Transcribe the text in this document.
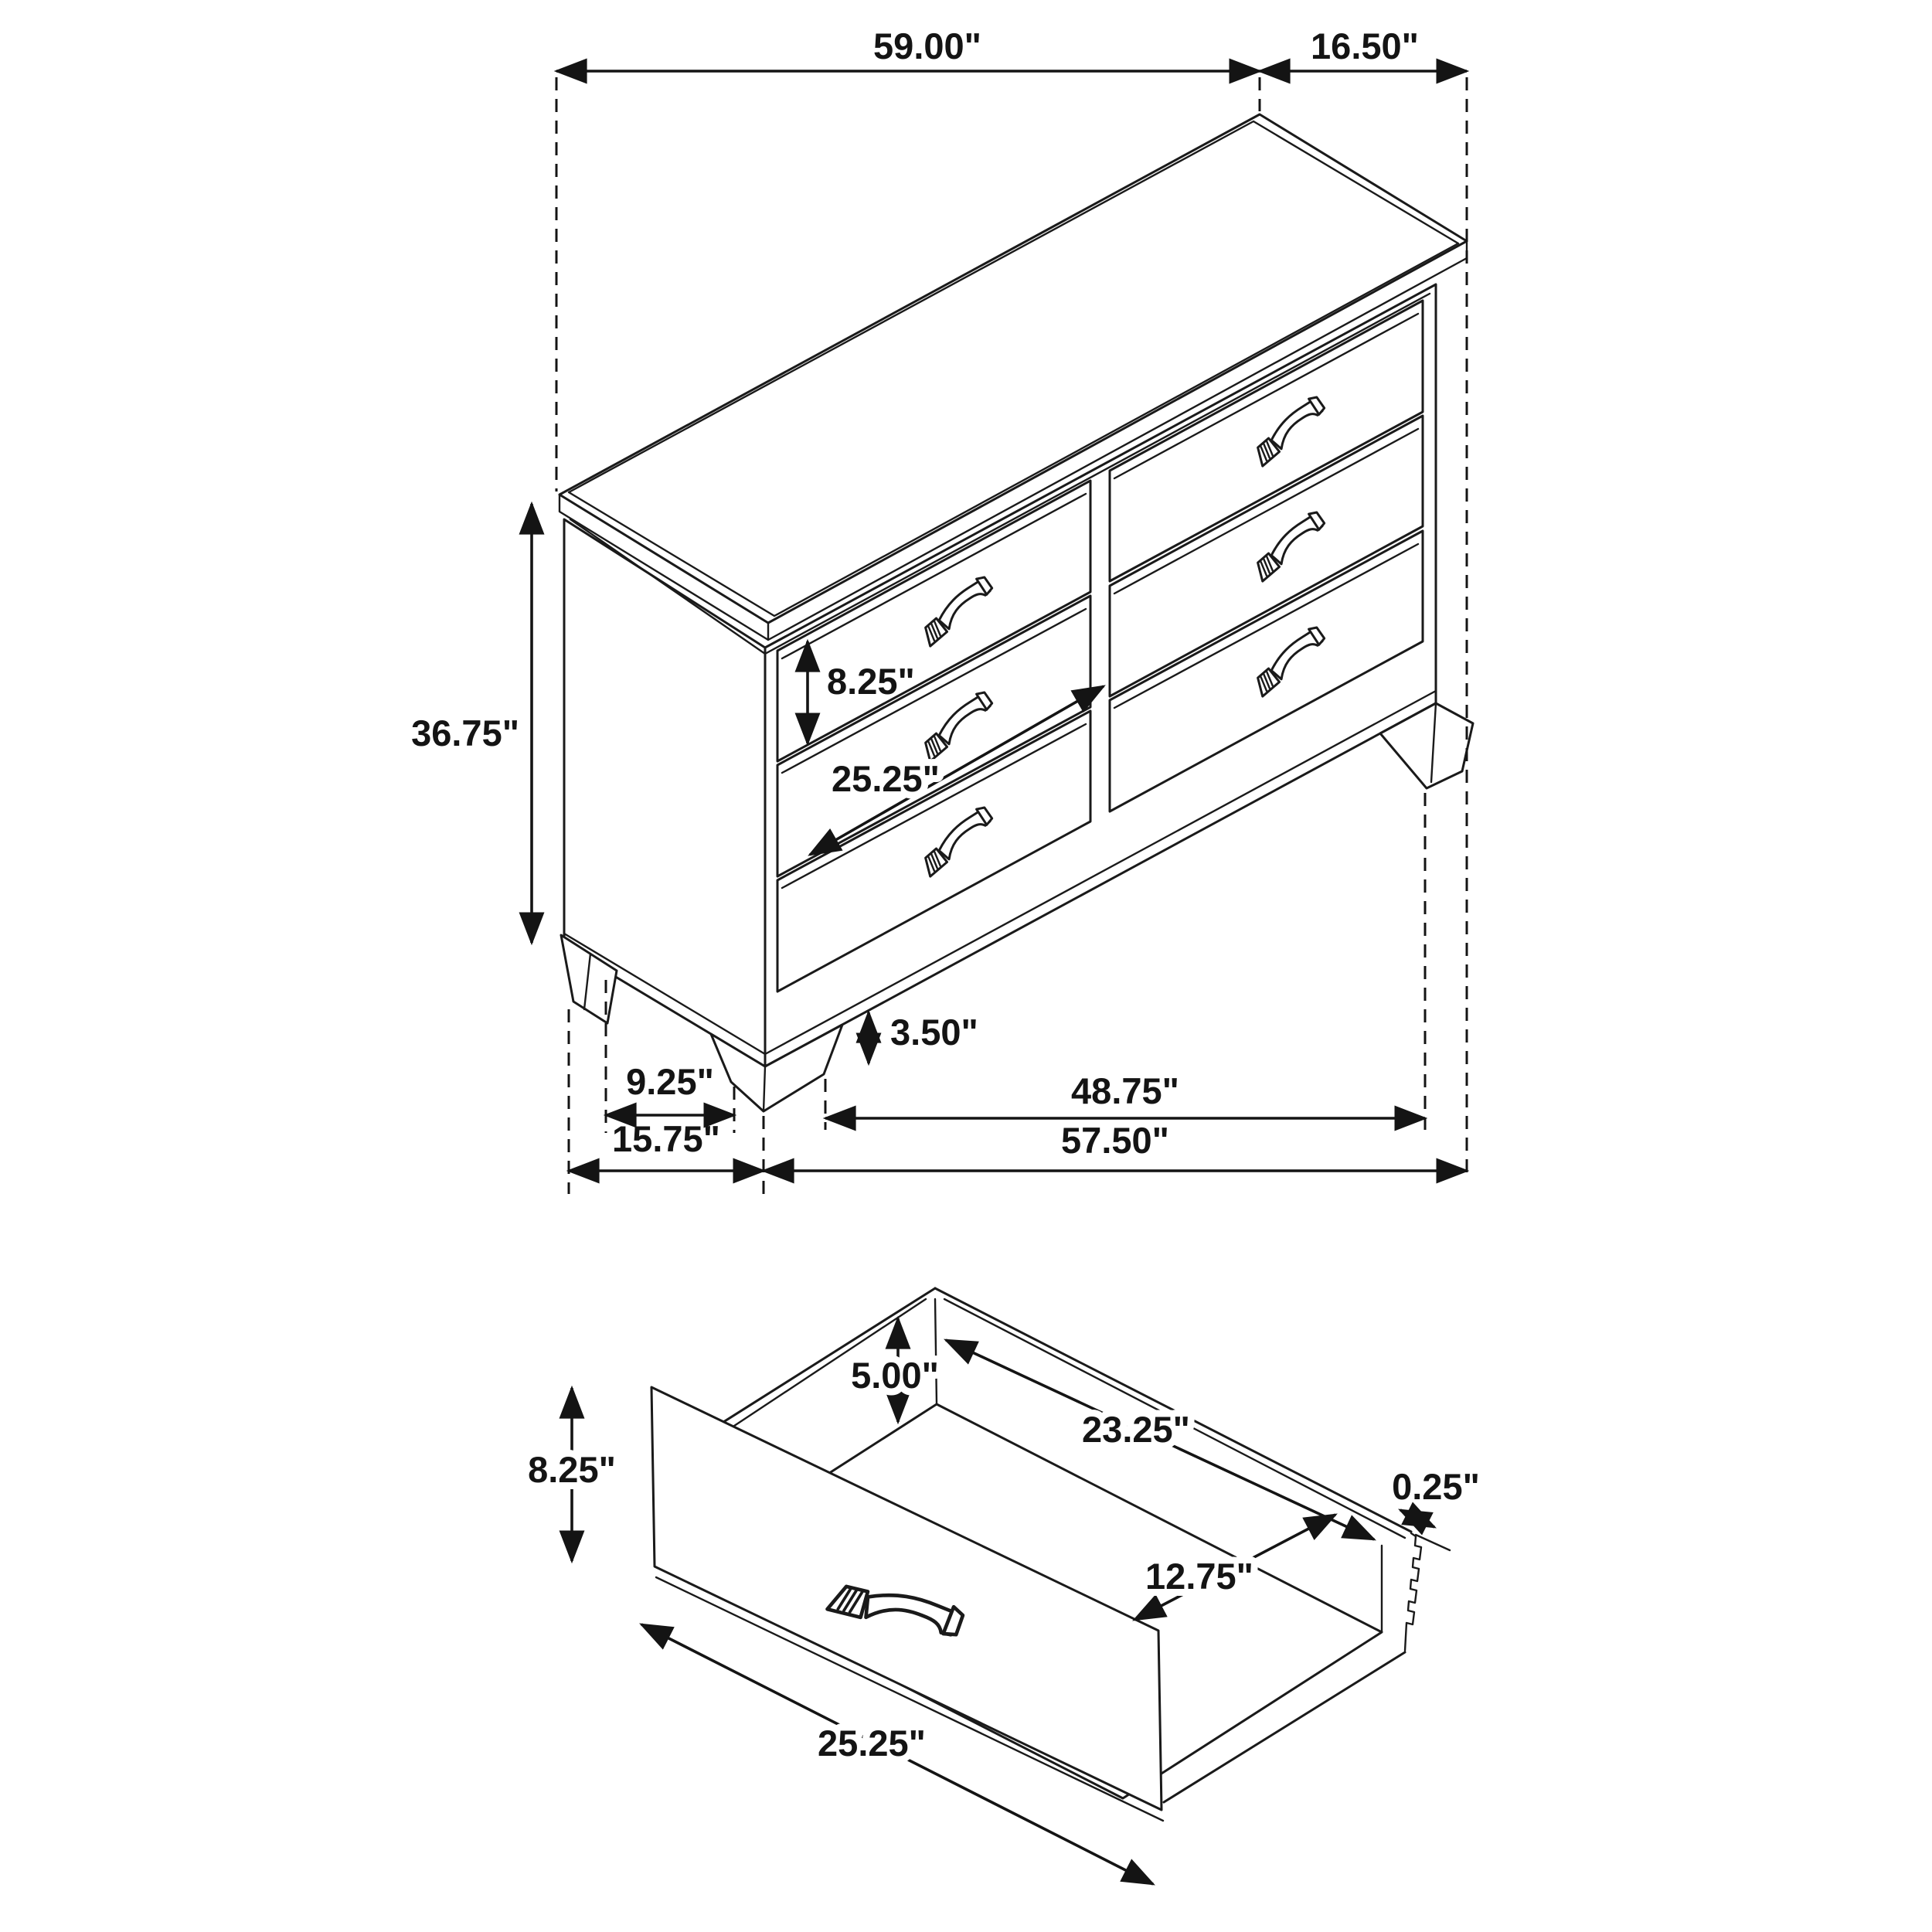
59.00"	16.50"
36.75"
8.25"
25.25"
3.50"
9.25"	48.75"
15.75"	57.50"
8.25"
5.00"
23.25"
12.75"
0.25"
25.25"
